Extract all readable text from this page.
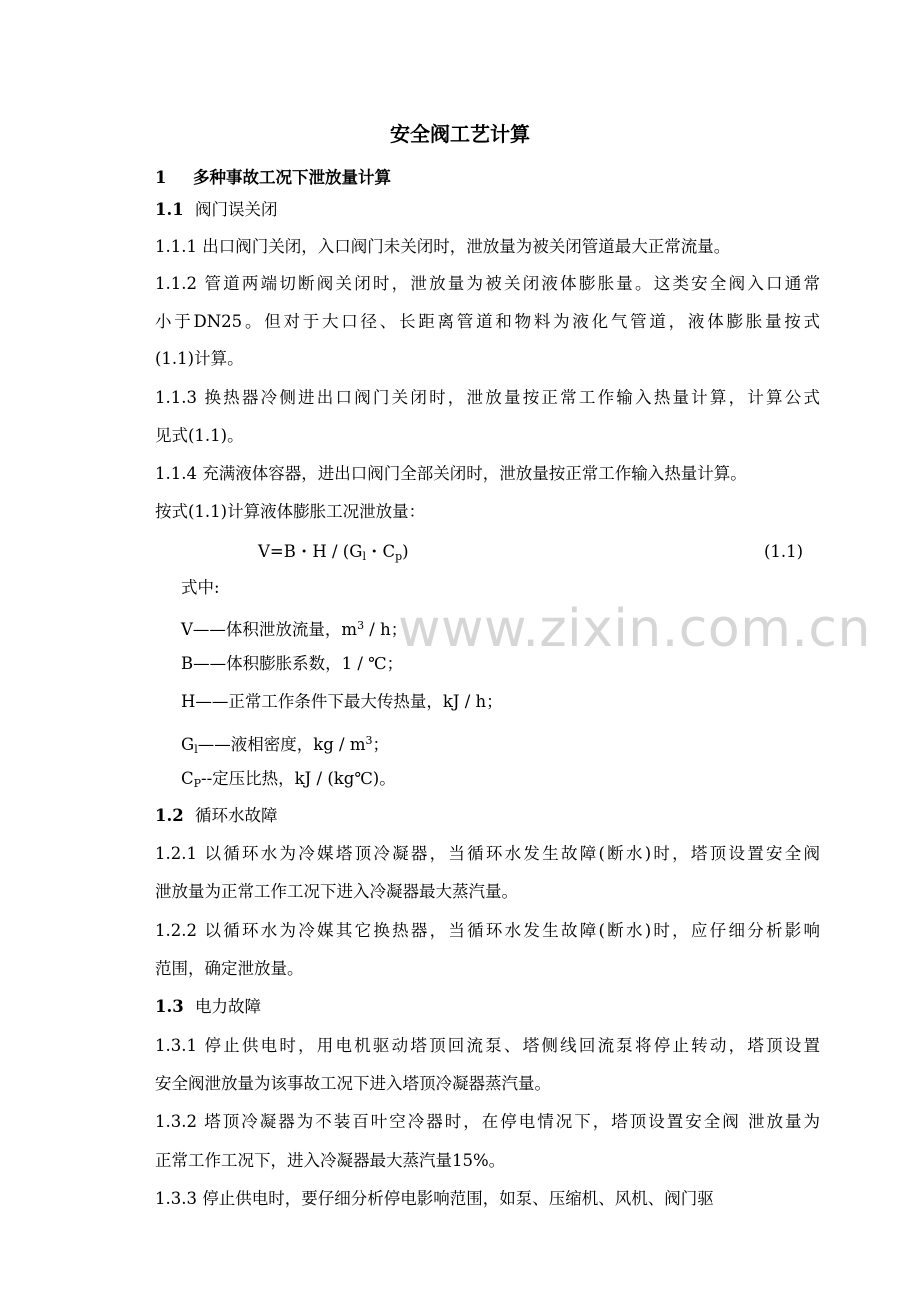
安全阀工艺计算
1 多种事故工况下泄放量计算
1.1 阀门误关闭
1.1.1 出口阀门关闭，入口阀门未关闭时，泄放量为被关闭管道最大正常流量。
1.1.2 管道两端切断阀关闭时，泄放量为被关闭液体膨胀量。这类安全阀入口通常
小于DN25。但对于大口径、长距离管道和物料为液化气管道，液体膨胀量按式
(1.1)计算。
1.1.3 换热器冷侧进出口阀门关闭时，泄放量按正常工作输入热量计算，计算公式
见式(1.1)。
1.1.4 充满液体容器，进出口阀门全部关闭时，泄放量按正常工作输入热量计算。
按式(1.1)计算液体膨胀工况泄放量：
V=B・H / ($G_l$・$C_p$)	(1.1)
式中:
V——体积泄放流量，$m^3$ / h；
B——体积膨胀系数，1 / ℃；
H——正常工作条件下最大传热量，kJ / h；
$G_l——$液相密度，kg / $m^3$；
$C_P--$定压比热，kJ / (kg℃)。
1.2 循环水故障
1.2.1 以循环水为冷媒塔顶冷凝器，当循环水发生故障(断水)时，塔顶设置安全阀
泄放量为正常工作工况下进入冷凝器最大蒸汽量。
1.2.2 以循环水为冷媒其它换热器，当循环水发生故障(断水)时，应仔细分析影响
范围，确定泄放量。
1.3 电力故障
1.3.1 停止供电时，用电机驱动塔顶回流泵、塔侧线回流泵将停止转动，塔顶设置
安全阀泄放量为该事故工况下进入塔顶冷凝器蒸汽量。
1.3.2 塔顶冷凝器为不装百叶空冷器时，在停电情况下，塔顶设置安全阀 泄放量为
正常工作工况下，进入冷凝器最大蒸汽量15%。
1.3.3 停止供电时，要仔细分析停电影响范围，如泵、压缩机、风机、阀门驱
www.zixin.com.cn
